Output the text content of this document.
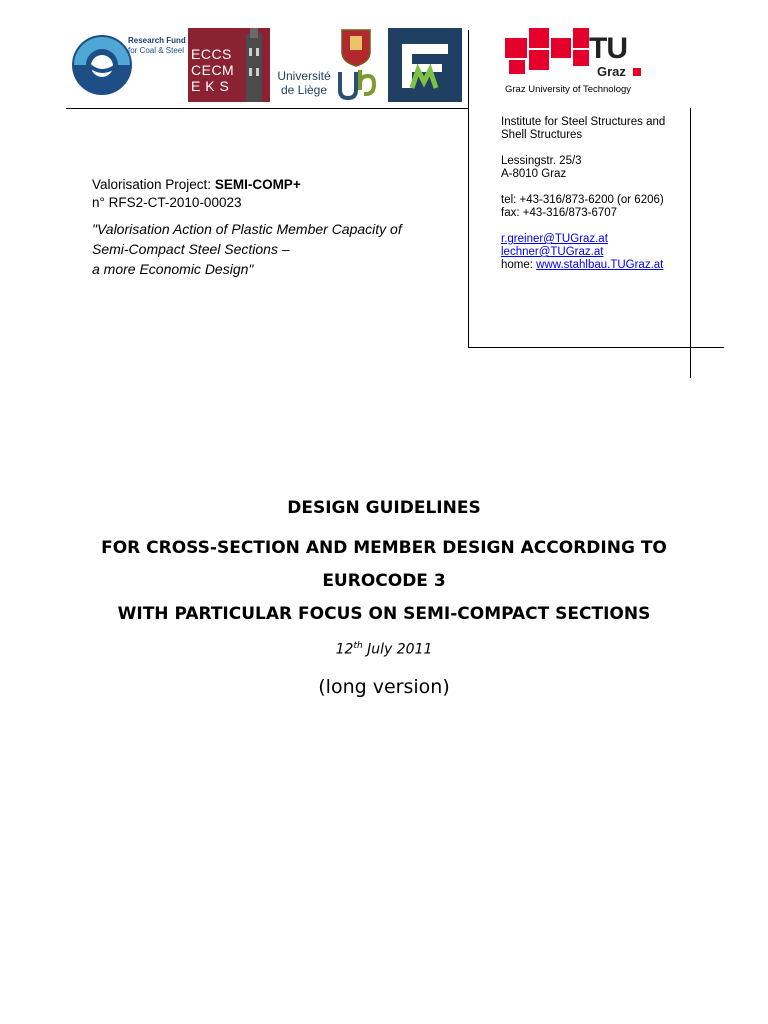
Research Fund
for Coal & Steel ECCS
CECM
E K S
Université
de Liège
TU
Graz
Graz University of Technology

Valorisation Project: SEMI-COMP+

n° RFS2-CT-2010-00023

"Valorisation Action of Plastic Member Capacity of
Semi-Compact Steel Sections –
a more Economic Design"

Institute for Steel Structures and

Shell Structures

Lessingstr. 25/3

A-8010 Graz

tel: +43-316/873-6200 (or 6206)

fax: +43-316/873-6707

r.greiner@TUGraz.at

lechner@TUGraz.at

home: www.stahlbau.TUGraz.at

DESIGN GUIDELINES
FOR CROSS-SECTION AND MEMBER DESIGN ACCORDING TO
EUROCODE 3
WITH PARTICULAR FOCUS ON SEMI-COMPACT SECTIONS
12th July 2011
(long version)
